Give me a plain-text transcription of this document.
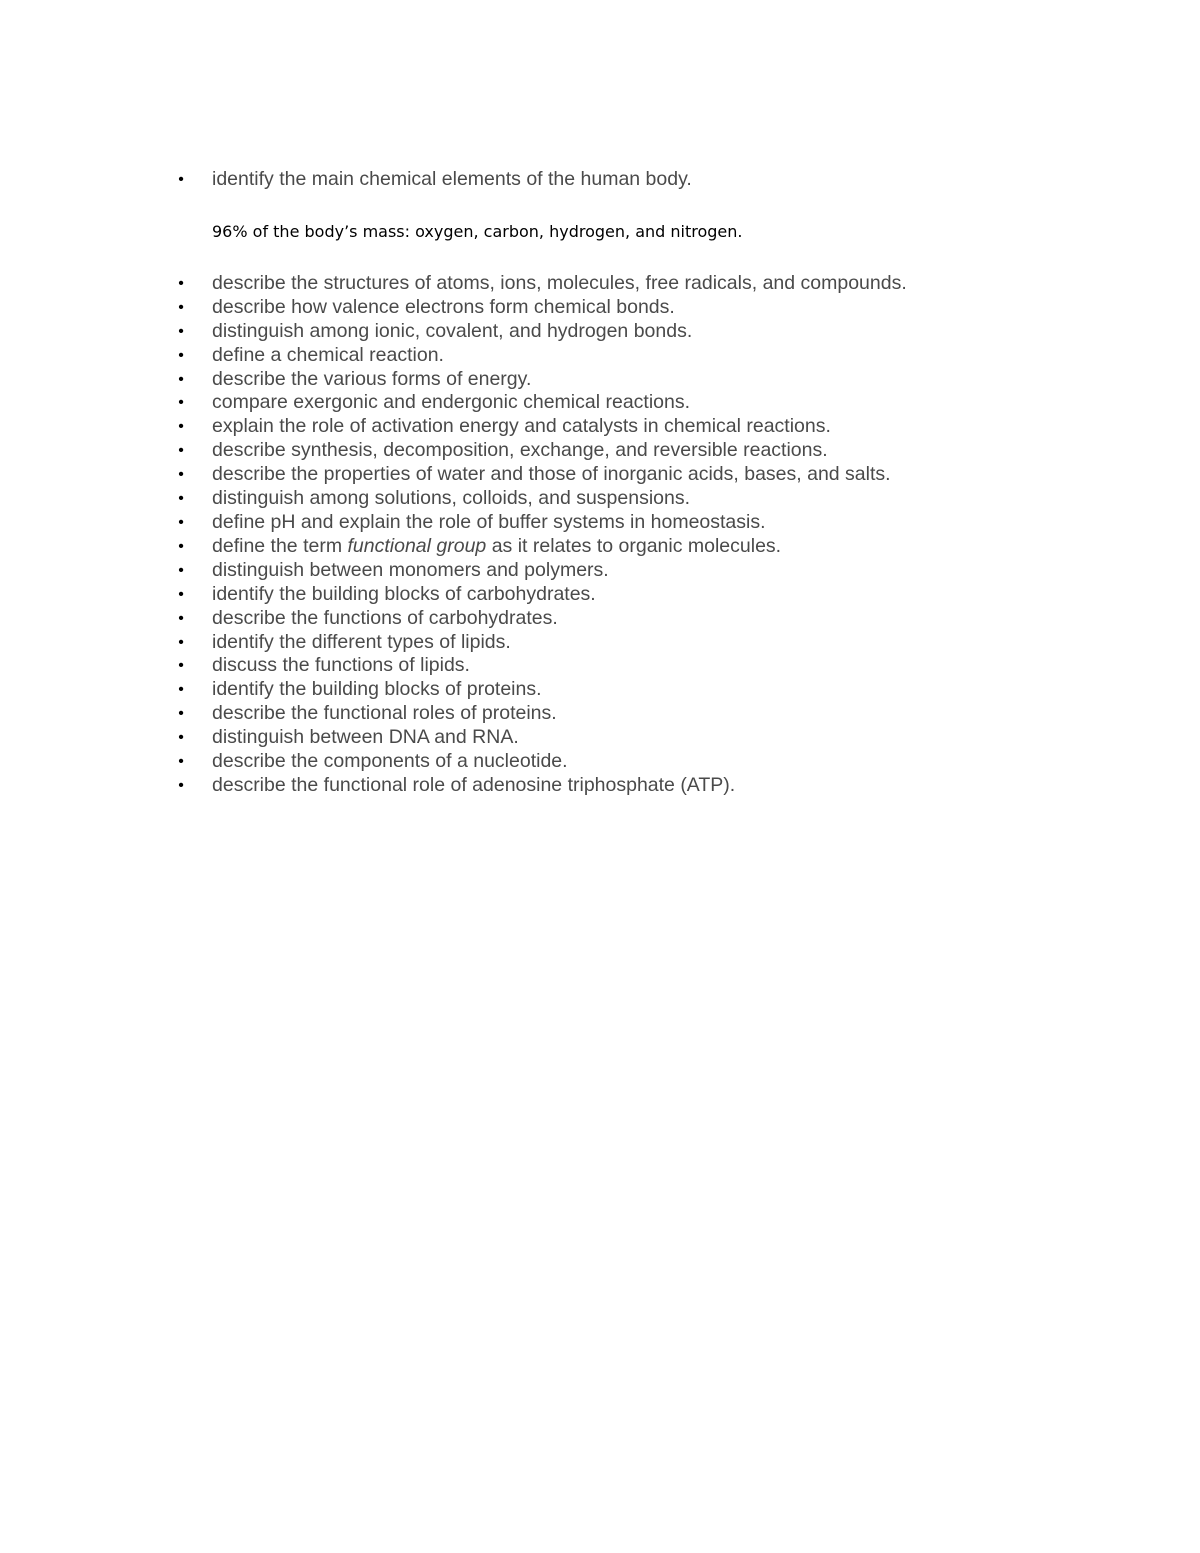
• identify the main chemical elements of the human body.
96% of the body’s mass: oxygen, carbon, hydrogen, and nitrogen.
• describe the structures of atoms, ions, molecules, free radicals, and compounds.
• describe how valence electrons form chemical bonds.
• distinguish among ionic, covalent, and hydrogen bonds.
• define a chemical reaction.
• describe the various forms of energy.
• compare exergonic and endergonic chemical reactions.
• explain the role of activation energy and catalysts in chemical reactions.
• describe synthesis, decomposition, exchange, and reversible reactions.
• describe the properties of water and those of inorganic acids, bases, and salts.
• distinguish among solutions, colloids, and suspensions.
• define pH and explain the role of buffer systems in homeostasis.
• define the term functional group as it relates to organic molecules.
• distinguish between monomers and polymers.
• identify the building blocks of carbohydrates.
• describe the functions of carbohydrates.
• identify the different types of lipids.
• discuss the functions of lipids.
• identify the building blocks of proteins.
• describe the functional roles of proteins.
• distinguish between DNA and RNA.
• describe the components of a nucleotide.
• describe the functional role of adenosine triphosphate (ATP).
